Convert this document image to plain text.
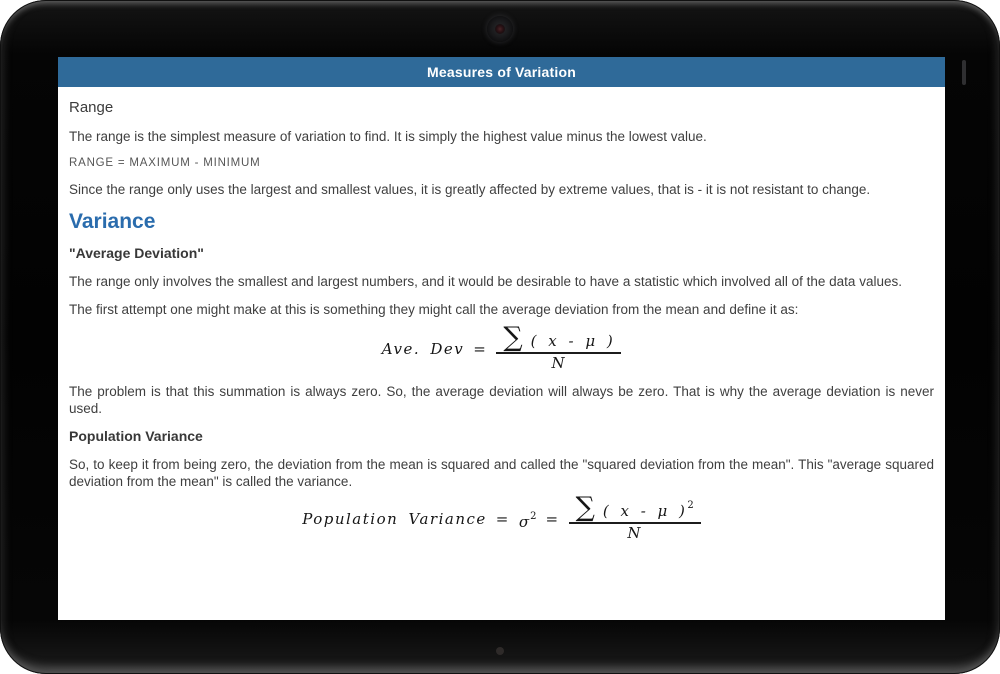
Measures of Variation

Range

The range is the simplest measure of variation to find. It is simply the highest value minus the lowest value.

RANGE = MAXIMUM - MINIMUM

Since the range only uses the largest and smallest values, it is greatly affected by extreme values, that is - it is not resistant to change.

Variance

"Average Deviation"

The range only involves the smallest and largest numbers, and it would be desirable to have a statistic which involved all of the data values.

The first attempt one might make at this is something they might call the average deviation from the mean and define it as:

Ave. Dev = $\frac{\sum ( x - \mu )}{N}$

The problem is that this summation is always zero. So, the average deviation will always be zero. That is why the average deviation is never used.

Population Variance

So, to keep it from being zero, the deviation from the mean is squared and called the "squared deviation from the mean". This "average squared deviation from the mean" is called the variance.

Population Variance = $\sigma^2 = \frac{\sum ( x - \mu )^2}{N}$
